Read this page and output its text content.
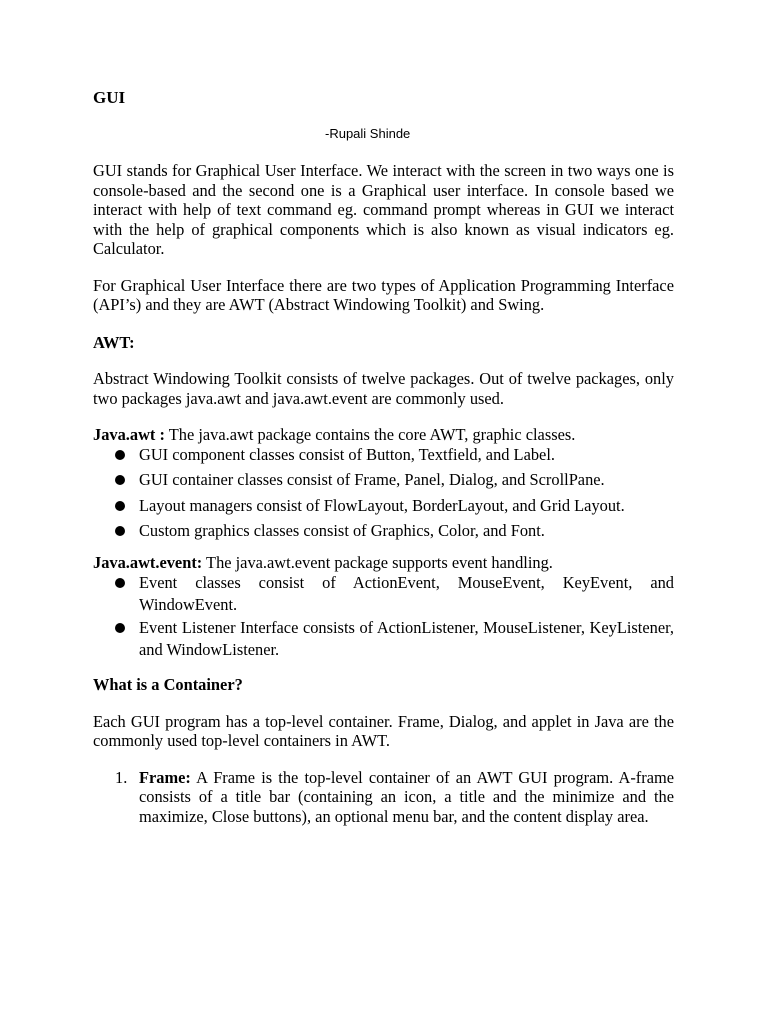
GUI

-Rupali Shinde

GUI stands for Graphical User Interface. We interact with the screen in two ways one is console-based and the second one is a Graphical user interface. In console based we interact with help of text command eg. command prompt whereas in GUI we interact with the help of graphical components which is also known as visual indicators eg. Calculator.

For Graphical User Interface there are two types of Application Programming Interface (API’s) and they are AWT (Abstract Windowing Toolkit) and Swing.

AWT:

Abstract Windowing Toolkit consists of twelve packages. Out of twelve packages, only two packages java.awt and java.awt.event are commonly used.

Java.awt : The java.awt package contains the core AWT, graphic classes.

GUI component classes consist of Button, Textfield, and Label.
GUI container classes consist of Frame, Panel, Dialog, and ScrollPane.
Layout managers consist of FlowLayout, BorderLayout, and Grid Layout.
Custom graphics classes consist of Graphics, Color, and Font.

Java.awt.event: The java.awt.event package supports event handling.

Event classes consist of ActionEvent, MouseEvent, KeyEvent, and WindowEvent.
Event Listener Interface consists of ActionListener, MouseListener, KeyListener, and WindowListener.

What is a Container?

Each GUI program has a top-level container. Frame, Dialog, and applet in Java are the commonly used top-level containers in AWT.

1. Frame: A Frame is the top-level container of an AWT GUI program. A-frame consists of a title bar (containing an icon, a title and the minimize and the maximize, Close buttons), an optional menu bar, and the content display area.
